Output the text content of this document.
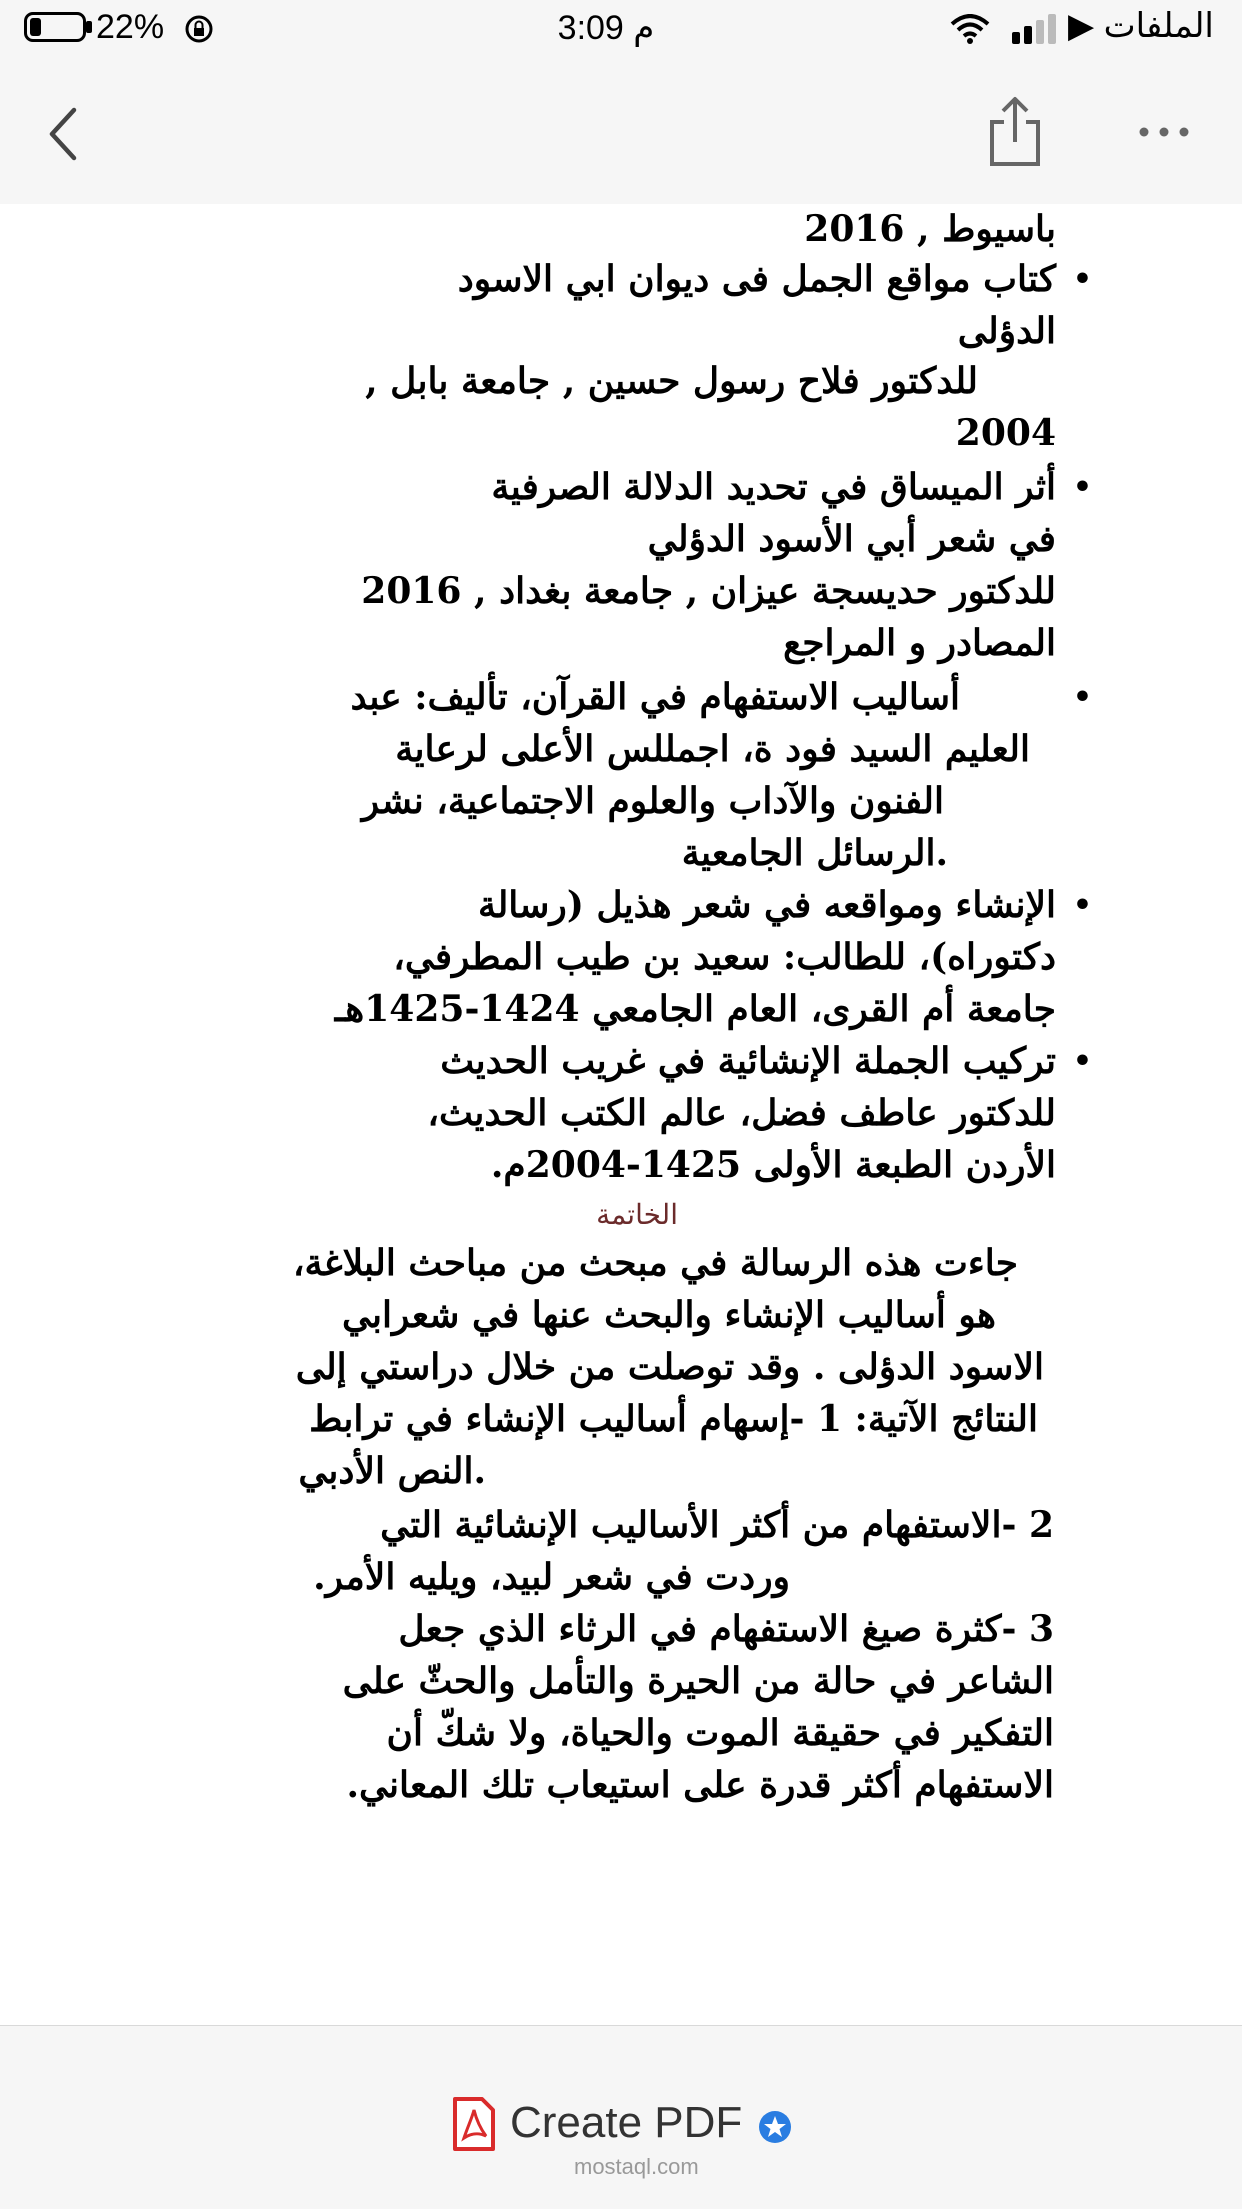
22%	3:09 م	الملفات ▶
باسيوط , 2016
كتاب مواقع الجمل فى ديوان ابي الاسود •
الدؤلى
للدكتور فلاح رسول حسين , جامعة بابل ,
2004
أثر الميساق في تحديد الدلالة الصرفية •
في شعر أبي الأسود الدؤلي
للدكتور حديسجة عيزان , جامعة بغداد , 2016
المصادر و المراجع
أساليب الاستفهام في القرآن، تأليف: عبد	•
العليم السيد فود ة، اجمللس الأعلى لرعاية
الفنون والآداب والعلوم الاجتماعية، نشر
.الرسائل الجامعية
الإنشاء ومواقعه في شعر هذيل (رسالة •
دكتوراه)، للطالب: سعيد بن طيب المطرفي،
جامعة أم القرى، العام الجامعي 1424-1425هـ
تركيب الجملة الإنشائية في غريب الحديث •
للدكتور عاطف فضل، عالم الكتب الحديث،
الأردن الطبعة الأولى 1425-2004م.
الخاتمة
جاءت هذه الرسالة في مبحث من مباحث البلاغة،
هو أساليب الإنشاء والبحث عنها في شعرابي
الاسود الدؤلى . وقد توصلت من خلال دراستي إلى
النتائج الآتية: 1 -إسهام أساليب الإنشاء في ترابط
.النص الأدبي
2 -الاستفهام من أكثر الأساليب الإنشائية التي
وردت في شعر لبيد، ويليه الأمر.
3 -كثرة صيغ الاستفهام في الرثاء الذي جعل
الشاعر في حالة من الحيرة والتأمل والحثّ على
التفكير في حقيقة الموت والحياة، ولا شكّ أن
الاستفهام أكثر قدرة على استيعاب تلك المعاني.
Create PDF
mostaql.com
